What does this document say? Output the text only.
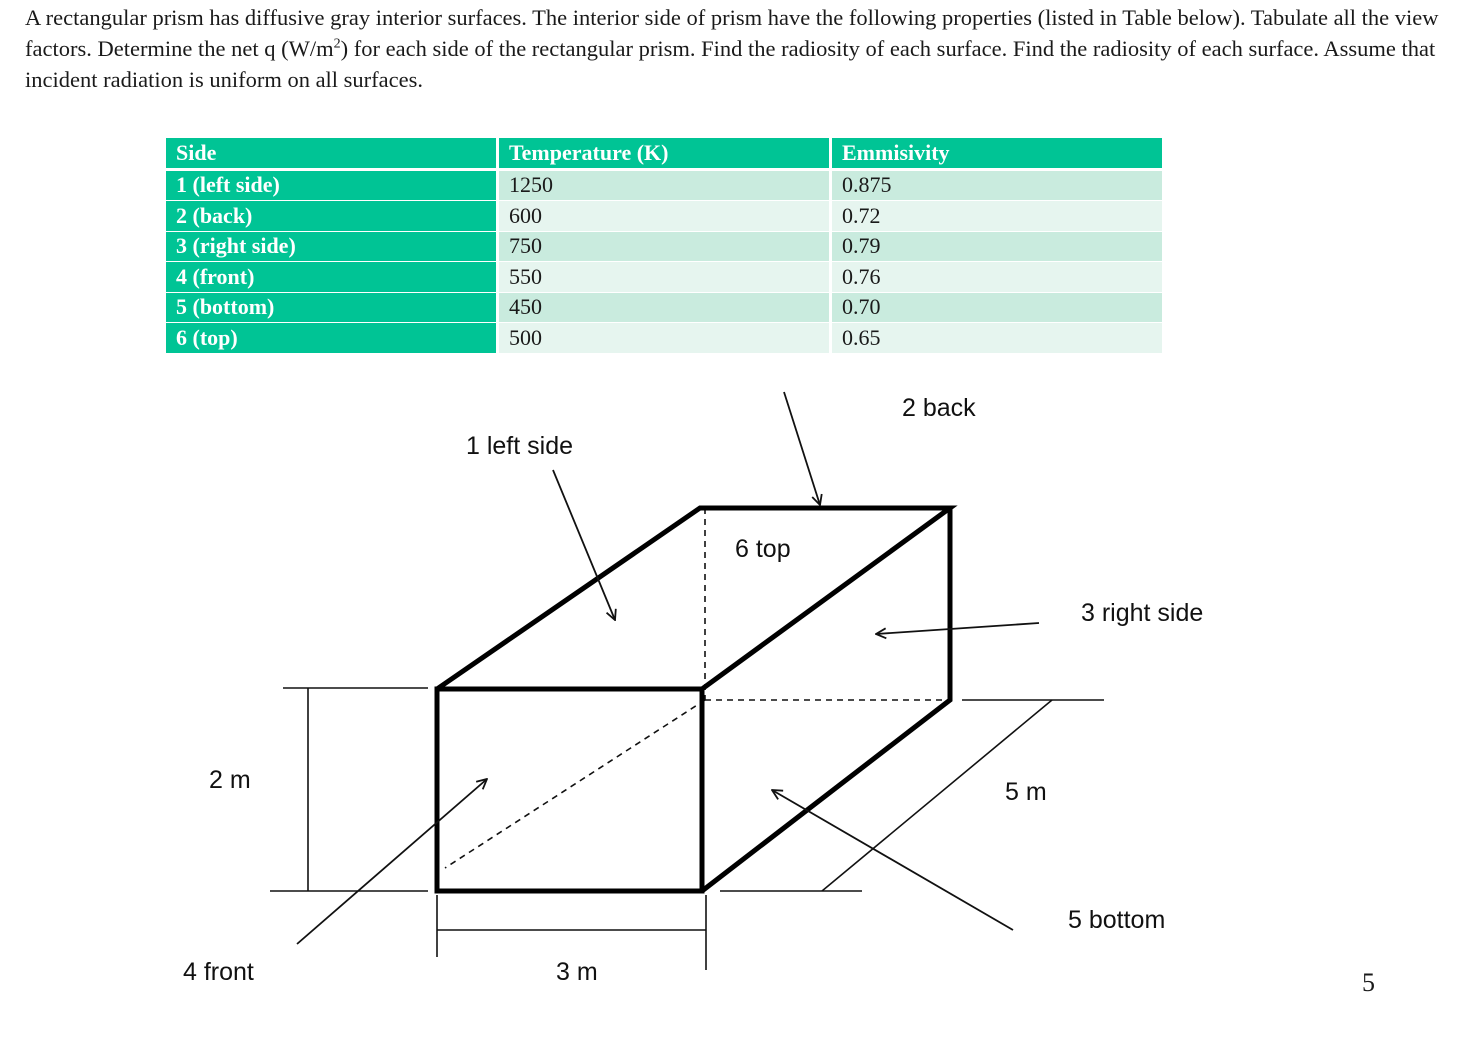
A rectangular prism has diffusive gray interior surfaces. The interior side of prism have the following properties (listed in Table below). Tabulate all the view factors. Determine the net q $(W/m^2)$ for each side of the rectangular prism. Find the radiosity of each surface. Find the radiosity of each surface. Assume that incident radiation is uniform on all surfaces.

Side	Temperature (K)	Emmisivity
1 (left side)	1250	0.875
2 (back)	600	0.72
3 (right side)	750	0.79
4 (front)	550	0.76
5 (bottom)	450	0.70
6 (top)	500	0.65
2 back
1 left side
6 top
3 right side
2 m	5 m
5 bottom
4 front	3 m	5
